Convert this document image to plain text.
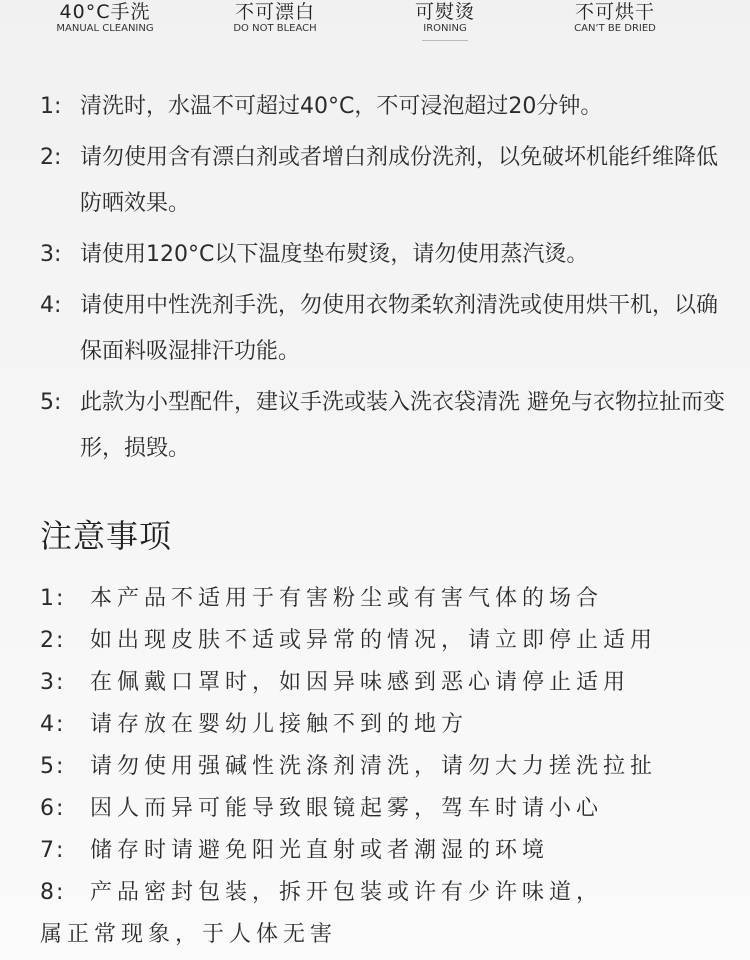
40°C手洗
MANUAL CLEANING
不可漂白
DO NOT BLEACH
可熨烫
IRONING
不可烘干
CAN’T BE DRIED
1: 清洗时，水温不可超过40°C，不可浸泡超过20分钟。
2: 请勿使用含有漂白剂或者增白剂成份洗剂，以免破坏机能纤维降低防晒效果。
3: 请使用120°C以下温度垫布熨烫，请勿使用蒸汽烫。
4: 请使用中性洗剂手洗，勿使用衣物柔软剂清洗或使用烘干机，以确保面料吸湿排汗功能。
5: 此款为小型配件，建议手洗或装入洗衣袋清洗 避免与衣物拉扯而变形，损毁。
注意事项
1:	本产品不适用于有害粉尘或有害气体的场合
2:	如出现皮肤不适或异常的情况，请立即停止适用
3:	在佩戴口罩时，如因异味感到恶心请停止适用
4:	请存放在婴幼儿接触不到的地方
5:	请勿使用强碱性洗涤剂清洗，请勿大力搓洗拉扯
6:	因人而异可能导致眼镜起雾，驾车时请小心
7:	储存时请避免阳光直射或者潮湿的环境
8:	产品密封包装，拆开包装或许有少许味道，
属正常现象，于人体无害
